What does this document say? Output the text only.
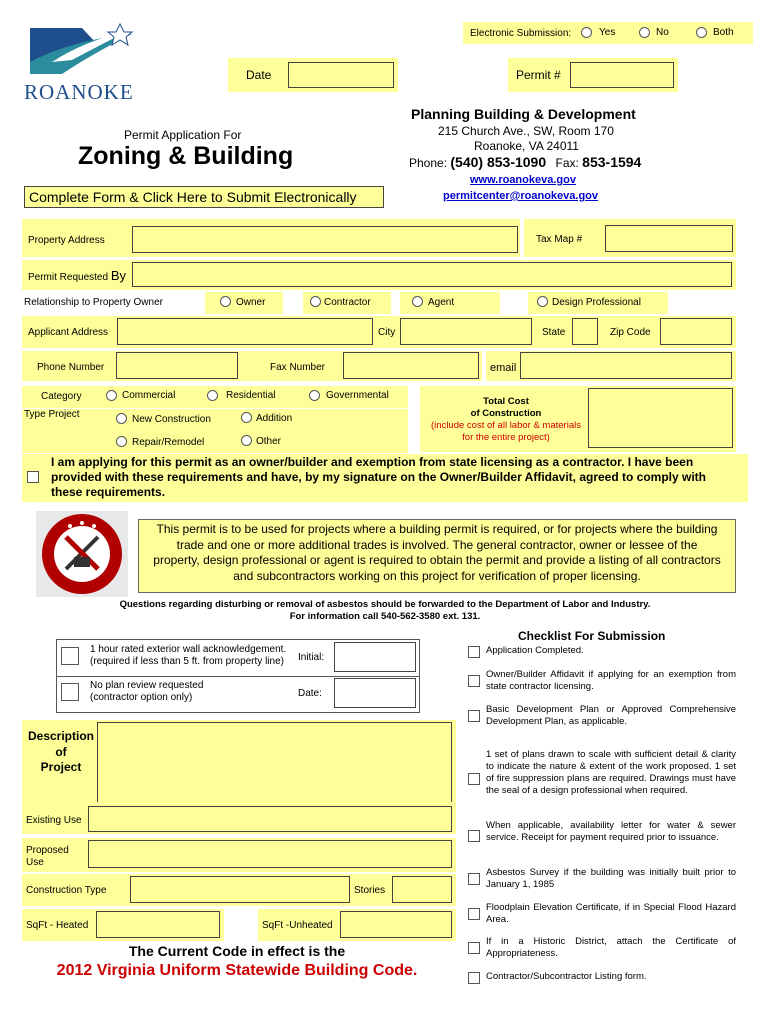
ROANOKE
Electronic Submission:	Yes	No	Both
Date	Permit #
Permit Application For
Zoning & Building
Complete Form & Click Here to Submit Electronically
Planning Building & Development
215 Church Ave., SW, Room 170
Roanoke, VA 24011
Phone: (540) 853-1090 Fax: 853-1594
www.roanokeva.gov
permitcenter@roanokeva.gov
Property Address	Tax Map #
Permit Requested By
Relationship to Property Owner	Owner	Contractor	Agent	Design Professional
Applicant Address	City	State	Zip Code
Phone Number	Fax Number	email
Category	Commercial	Residential	Governmental
Type Project	New Construction	Addition
Repair/Remodel	Other
Total Cost
of Construction
(include cost of all labor & materials
for the entire project)
I am applying for this permit as an owner/builder and exemption from state licensing as a contractor. I have been
provided with these requirements and have, by my signature on the Owner/Builder Affidavit, agreed to comply with
these requirements.
This permit is to be used for projects where a building permit is required, or for projects where the building
trade and one or more additional trades is involved. The general contractor, owner or lessee of the
property, design professional or agent is required to obtain the permit and provide a listing of all contractors
and subcontractors working on this project for verification of proper licensing.
Questions regarding disturbing or removal of asbestos should be forwarded to the Department of Labor and Industry.
For information call 540-562-3580 ext. 131.
1 hour rated exterior wall acknowledgement.
(required if less than 5 ft. from property line) Initial:
No plan review requested
(contractor option only)	Date:
Description
of
Project
Existing Use
Proposed
Use
Construction Type	Stories
SqFt - Heated	SqFt -Unheated
The Current Code in effect is the
2012 Virginia Uniform Statewide Building Code.
Checklist For Submission
Application Completed.
Owner/Builder Affidavit if applying for an exemption from state contractor licensing.
Basic Development Plan or Approved Comprehensive Development Plan, as applicable.
1 set of plans drawn to scale with sufficient detail & clarity to indicate the nature & extent of the work proposed. 1 set of fire suppression plans are required. Drawings must have the seal of a design professional when required.
When applicable, availability letter for water & sewer service. Receipt for payment required prior to issuance.
Asbestos Survey if the building was initially built prior to January 1, 1985
Floodplain Elevation Certificate, if in Special Flood Hazard Area.
If in a Historic District, attach the Certificate of Appropriateness.
Contractor/Subcontractor Listing form.
